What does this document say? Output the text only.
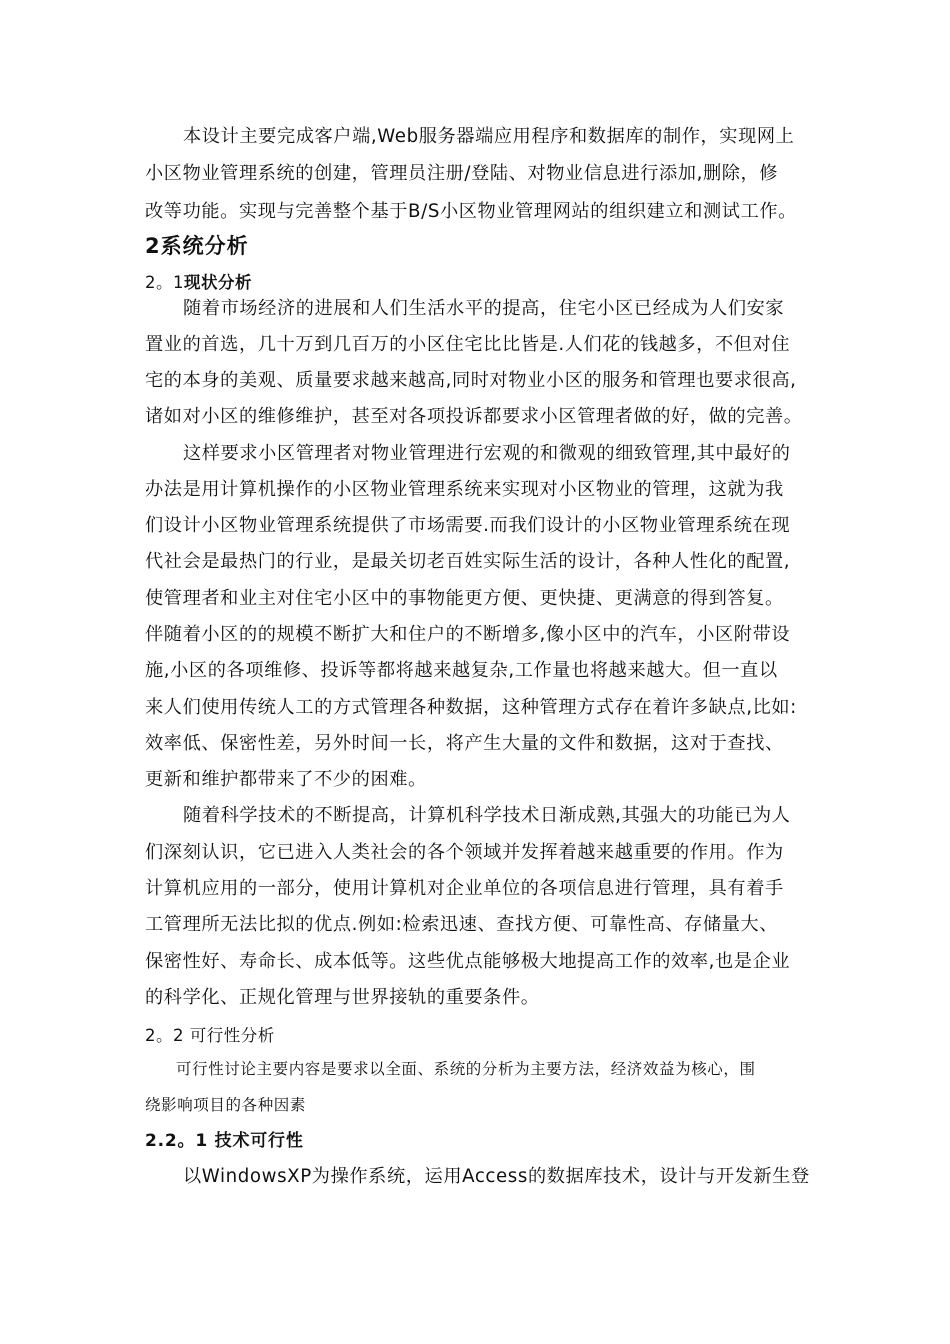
本设计主要完成客户端,Web服务器端应用程序和数据库的制作，实现网上
小区物业管理系统的创建，管理员注册/登陆、对物业信息进行添加,删除，修
改等功能。实现与完善整个基于B/S小区物业管理网站的组织建立和测试工作。
2系统分析
2。1现状分析
随着市场经济的进展和人们生活水平的提高，住宅小区已经成为人们安家
置业的首选，几十万到几百万的小区住宅比比皆是.人们花的钱越多，不但对住
宅的本身的美观、质量要求越来越高,同时对物业小区的服务和管理也要求很高,
诸如对小区的维修维护，甚至对各项投诉都要求小区管理者做的好，做的完善。
这样要求小区管理者对物业管理进行宏观的和微观的细致管理,其中最好的
办法是用计算机操作的小区物业管理系统来实现对小区物业的管理，这就为我
们设计小区物业管理系统提供了市场需要.而我们设计的小区物业管理系统在现
代社会是最热门的行业，是最关切老百姓实际生活的设计，各种人性化的配置,
使管理者和业主对住宅小区中的事物能更方便、更快捷、更满意的得到答复。
伴随着小区的的规模不断扩大和住户的不断增多,像小区中的汽车，小区附带设
施,小区的各项维修、投诉等都将越来越复杂,工作量也将越来越大。但一直以
来人们使用传统人工的方式管理各种数据，这种管理方式存在着许多缺点,比如:
效率低、保密性差，另外时间一长，将产生大量的文件和数据，这对于查找、
更新和维护都带来了不少的困难。
随着科学技术的不断提高，计算机科学技术日渐成熟,其强大的功能已为人
们深刻认识，它已进入人类社会的各个领域并发挥着越来越重要的作用。作为
计算机应用的一部分，使用计算机对企业单位的各项信息进行管理，具有着手
工管理所无法比拟的优点.例如:检索迅速、查找方便、可靠性高、存储量大、
保密性好、寿命长、成本低等。这些优点能够极大地提高工作的效率,也是企业
的科学化、正规化管理与世界接轨的重要条件。
2。2 可行性分析
可行性讨论主要内容是要求以全面、系统的分析为主要方法，经济效益为核心，围
绕影响项目的各种因素
2.2。1 技术可行性
以WindowsXP为操作系统，运用Access的数据库技术，设计与开发新生登
